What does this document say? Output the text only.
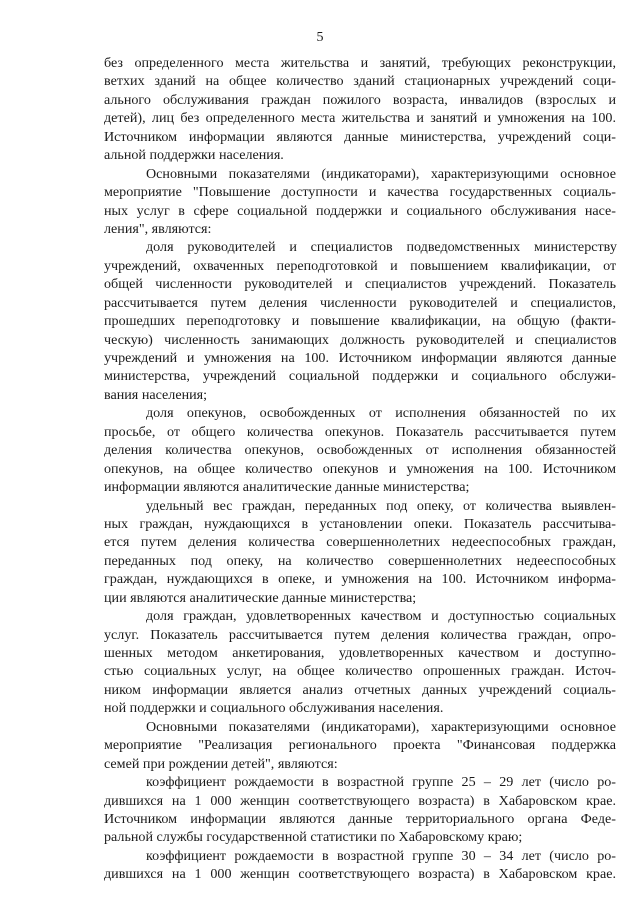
5
без определенного места жительства и занятий, требующих реконструкции,
ветхих зданий на общее количество зданий стационарных учреждений соци-
ального обслуживания граждан пожилого возраста, инвалидов (взрослых и
детей), лиц без определенного места жительства и занятий и умножения на 100.
Источником информации являются данные министерства, учреждений соци-
альной поддержки населения.
Основными показателями (индикаторами), характеризующими основное
мероприятие "Повышение доступности и качества государственных социаль-
ных услуг в сфере социальной поддержки и социального обслуживания насе-
ления", являются:
доля руководителей и специалистов подведомственных министерству
учреждений, охваченных переподготовкой и повышением квалификации, от
общей численности руководителей и специалистов учреждений. Показатель
рассчитывается путем деления численности руководителей и специалистов,
прошедших переподготовку и повышение квалификации, на общую (факти-
ческую) численность занимающих должность руководителей и специалистов
учреждений и умножения на 100. Источником информации являются данные
министерства, учреждений социальной поддержки и социального обслужи-
вания населения;
доля опекунов, освобожденных от исполнения обязанностей по их
просьбе, от общего количества опекунов. Показатель рассчитывается путем
деления количества опекунов, освобожденных от исполнения обязанностей
опекунов, на общее количество опекунов и умножения на 100. Источником
информации являются аналитические данные министерства;
удельный вес граждан, переданных под опеку, от количества выявлен-
ных граждан, нуждающихся в установлении опеки. Показатель рассчитыва-
ется путем деления количества совершеннолетних недееспособных граждан,
переданных под опеку, на количество совершеннолетних недееспособных
граждан, нуждающихся в опеке, и умножения на 100. Источником информа-
ции являются аналитические данные министерства;
доля граждан, удовлетворенных качеством и доступностью социальных
услуг. Показатель рассчитывается путем деления количества граждан, опро-
шенных методом анкетирования, удовлетворенных качеством и доступно-
стью социальных услуг, на общее количество опрошенных граждан. Источ-
ником информации является анализ отчетных данных учреждений социаль-
ной поддержки и социального обслуживания населения.
Основными показателями (индикаторами), характеризующими основное
мероприятие "Реализация регионального проекта "Финансовая поддержка
семей при рождении детей", являются:
коэффициент рождаемости в возрастной группе 25 – 29 лет (число ро-
дившихся на 1 000 женщин соответствующего возраста) в Хабаровском крае.
Источником информации являются данные территориального органа Феде-
ральной службы государственной статистики по Хабаровскому краю;
коэффициент рождаемости в возрастной группе 30 – 34 лет (число ро-
дившихся на 1 000 женщин соответствующего возраста) в Хабаровском крае.
